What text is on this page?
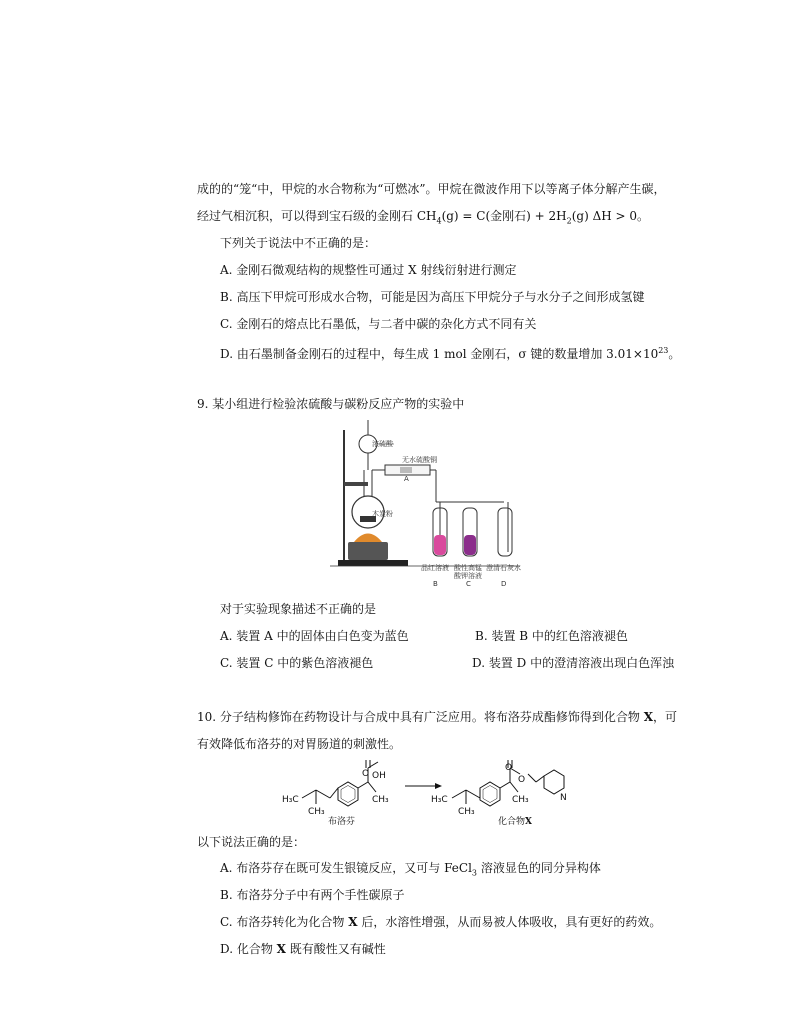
成的的“笼“中，甲烷的水合物称为“可燃冰”。甲烷在微波作用下以等离子体分解产生碳，
经过气相沉积，可以得到宝石级的金刚石 $CH_4(g) = C$(金刚石) + $2H_2(g) \Delta H > 0$。
下列关于说法中不正确的是：
A. 金刚石微观结构的规整性可通过 X 射线衍射进行测定
B. 高压下甲烷可形成水合物，可能是因为高压下甲烷分子与水分子之间形成氢键
C. 金刚石的熔点比石墨低，与二者中碳的杂化方式不同有关
D. 由石墨制备金刚石的过程中，每生成 1 mol 金刚石，σ 键的数量增加 $3.01\times 10^{23}$。
9. 某小组进行检验浓硫酸与碳粉反应产物的实验中
浓硫酸
无水硫酸铜
A
木炭粉
品红溶液 酸性高锰
酸钾溶液
澄清石灰水
B	C	D
对于实验现象描述不正确的是
A. 装置 A 中的固体由白色变为蓝色	B. 装置 B 中的红色溶液褪色
C. 装置 C 中的紫色溶液褪色	D. 装置 D 中的澄清溶液出现白色浑浊
10. 分子结构修饰在药物设计与合成中具有广泛应用。将布洛芬成酯修饰得到化合物 X，可
有效降低布洛芬的对胃肠道的刺激性。
O OH
H₃C	CH₃
CH₃
布洛芬
O
O
N
H₃C	CH₃
CH₃
化合物X
以下说法正确的是：
A. 布洛芬存在既可发生银镜反应，又可与 FeCl$_3$ 溶液显色的同分异构体
B. 布洛芬分子中有两个手性碳原子
C. 布洛芬转化为化合物 X 后，水溶性增强，从而易被人体吸收，具有更好的药效。
D. 化合物 X 既有酸性又有碱性
